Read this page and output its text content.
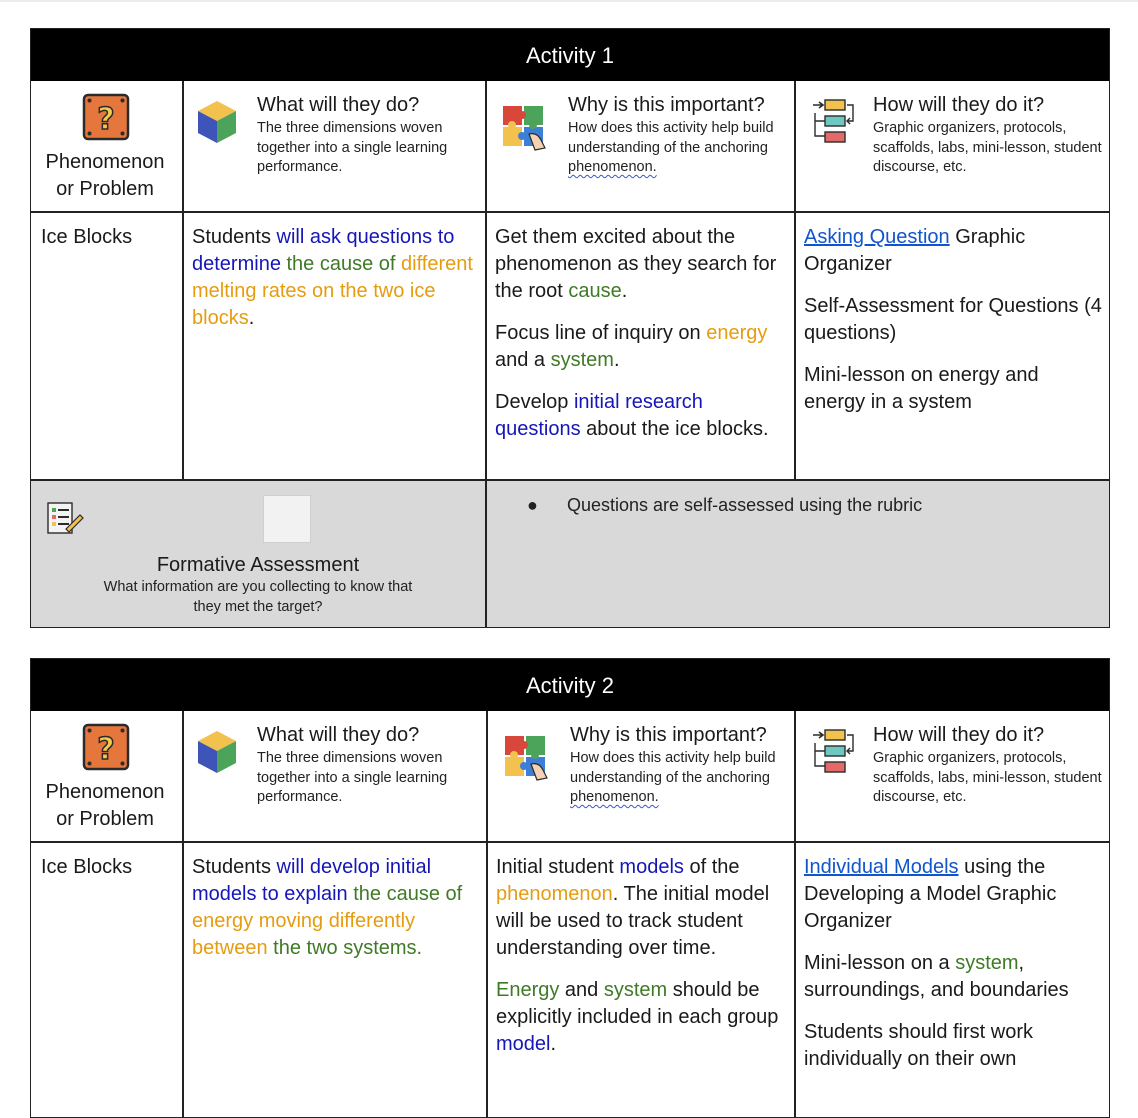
Activity 1
?
Phenomenon or Problem
What will they do?
The three dimensions woven together into a single learning performance.
Why is this important?
How does this activity help build understanding of the anchoring phenomenon.
How will they do it?
Graphic organizers, protocols, scaffolds, labs, mini-lesson, student discourse, etc.
Ice Blocks	Students will ask questions to determine the cause of different melting rates on the two ice blocks.

Get them excited about the phenomenon as they search for the root cause.

Focus line of inquiry on energy and a system.

Develop initial research questions about the ice blocks.

Asking Question Graphic Organizer

Self-Assessment for Questions (4 questions)

Mini-lesson on energy and energy in a system

Formative Assessment
What information are you collecting to know that they met the target?
● Questions are self-assessed using the rubric
Activity 2
?
Phenomenon or Problem
What will they do?
The three dimensions woven together into a single learning performance.
Why is this important?
How does this activity help build understanding of the anchoring phenomenon.
How will they do it?
Graphic organizers, protocols, scaffolds, labs, mini-lesson, student discourse, etc.
Ice Blocks	Students will develop initial models to explain the cause of energy moving differently between the two systems.

Initial student models of the phenomenon. The initial model will be used to track student understanding over time.

Energy and system should be explicitly included in each group model.

Individual Models using the Developing a Model Graphic Organizer

Mini-lesson on a system, surroundings, and boundaries

Students should first work individually on their own
